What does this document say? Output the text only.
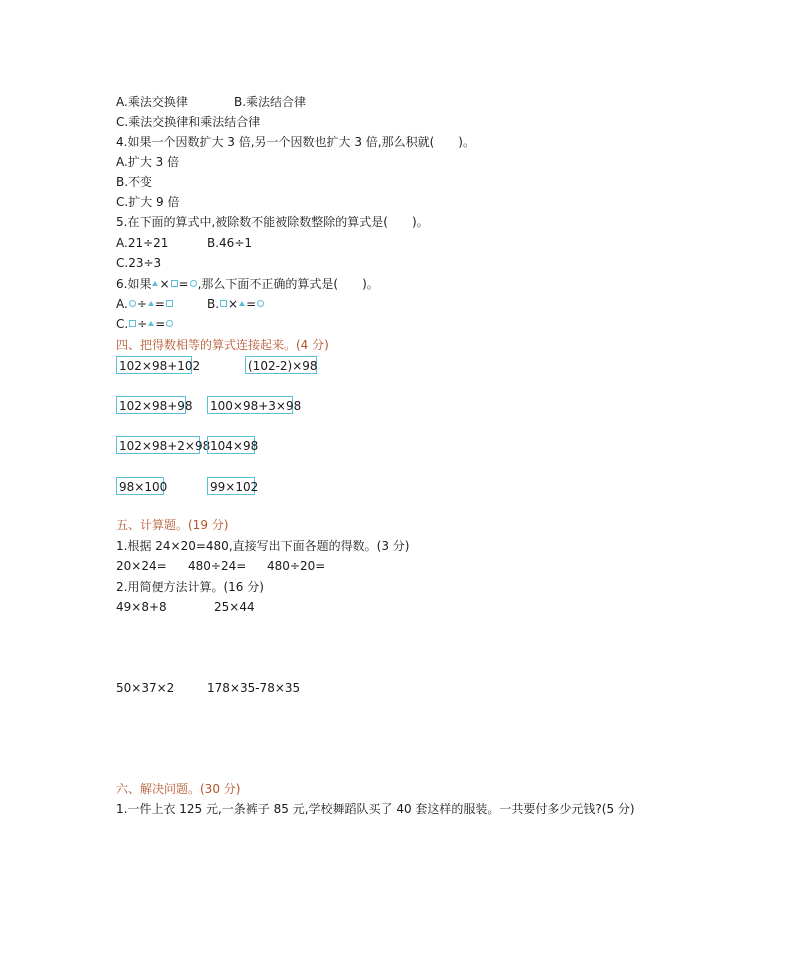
A.乘法交换律	B.乘法结合律
C.乘法交换律和乘法结合律
4.如果一个因数扩大 3 倍,另一个因数也扩大 3 倍,那么积就(　　)。
A.扩大 3 倍
B.不变
C.扩大 9 倍
5.在下面的算式中,被除数不能被除数整除的算式是(　　)。
A.21÷21	B.46÷1
C.23÷3
6.如果 × = ,那么下面不正确的算式是(　　)。
A. ÷ =	B. × =
C. ÷ =
四、把得数相等的算式连接起来。(4 分)
102×98+102	(102-2)×98
102×98+98 100×98+3×98
102×98+2×98 104×98
98×100	99×102
五、计算题。(19 分)
1.根据 24×20=480,直接写出下面各题的得数。(3 分)
20×24= 480÷24= 480÷20=
2.用简便方法计算。(16 分)
49×8+8	25×44
50×37×2	178×35-78×35
六、解决问题。(30 分)
1.一件上衣 125 元,一条裤子 85 元,学校舞蹈队买了 40 套这样的服装。一共要付多少元钱?(5 分)
